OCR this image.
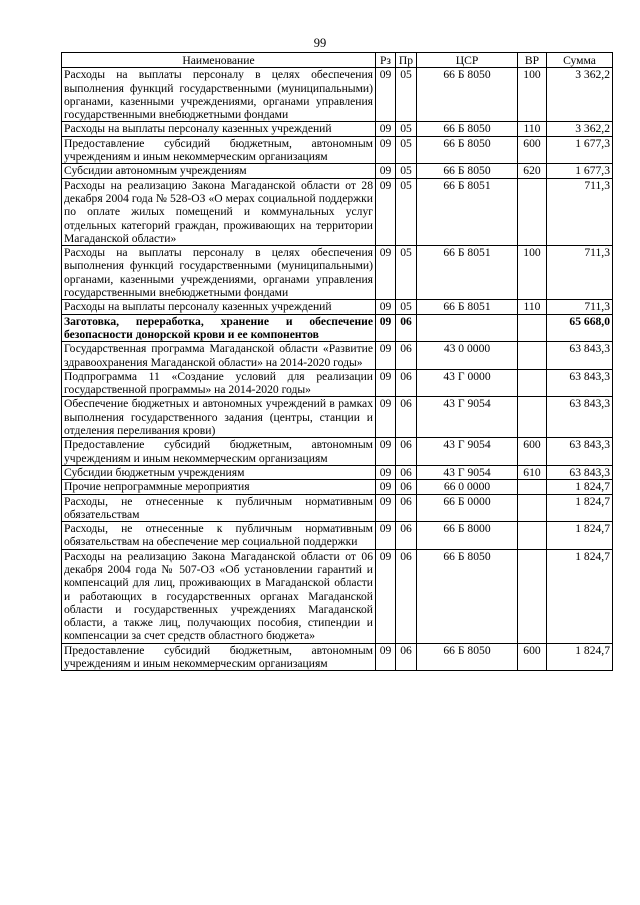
99
Наименование	Рз	Пр	ЦСР	ВР	Сумма
Расходы на выплаты персоналу в целях обеспечения выполнения функций государственными (муниципальными) органами, казенными учреждениями, органами управления государственными внебюджетными фондами	09	05	66 Б 8050	100	3 362,2
Расходы на выплаты персоналу казенных учреждений	09	05	66 Б 8050	110	3 362,2
Предоставление субсидий бюджетным, автономным учреждениям и иным некоммерческим организациям	09	05	66 Б 8050	600	1 677,3
Субсидии автономным учреждениям	09	05	66 Б 8050	620	1 677,3
Расходы на реализацию Закона Магаданской области от 28 декабря 2004 года № 528-ОЗ «О мерах социальной поддержки по оплате жилых помещений и коммунальных услуг отдельных категорий граждан, проживающих на территории Магаданской области»	09	05	66 Б 8051		711,3
Расходы на выплаты персоналу в целях обеспечения выполнения функций государственными (муниципальными) органами, казенными учреждениями, органами управления государственными внебюджетными фондами	09	05	66 Б 8051	100	711,3
Расходы на выплаты персоналу казенных учреждений	09	05	66 Б 8051	110	711,3
Заготовка, переработка, хранение и обеспечение безопасности донорской крови и ее компонентов	09	06			65 668,0
Государственная программа Магаданской области «Развитие здравоохранения Магаданской области» на 2014-2020 годы»	09	06	43 0 0000		63 843,3
Подпрограмма 11 «Создание условий для реализации государственной программы» на 2014-2020 годы»	09	06	43 Г 0000		63 843,3
Обеспечение бюджетных и автономных учреждений в рамках выполнения государственного задания (центры, станции и отделения переливания крови)	09	06	43 Г 9054		63 843,3
Предоставление субсидий бюджетным, автономным учреждениям и иным некоммерческим организациям	09	06	43 Г 9054	600	63 843,3
Субсидии бюджетным учреждениям	09	06	43 Г 9054	610	63 843,3
Прочие непрограммные мероприятия	09	06	66 0 0000		1 824,7
Расходы, не отнесенные к публичным нормативным обязательствам	09	06	66 Б 0000		1 824,7
Расходы, не отнесенные к публичным нормативным обязательствам на обеспечение мер социальной поддержки	09	06	66 Б 8000		1 824,7
Расходы на реализацию Закона Магаданской области от 06 декабря 2004 года № 507-ОЗ «Об установлении гарантий и компенсаций для лиц, проживающих в Магаданской области и работающих в государственных органах Магаданской области и государственных учреждениях Магаданской области, а также лиц, получающих пособия, стипендии и компенсации за счет средств областного бюджета»	09	06	66 Б 8050		1 824,7
Предоставление субсидий бюджетным, автономным учреждениям и иным некоммерческим организациям	09	06	66 Б 8050	600	1 824,7
